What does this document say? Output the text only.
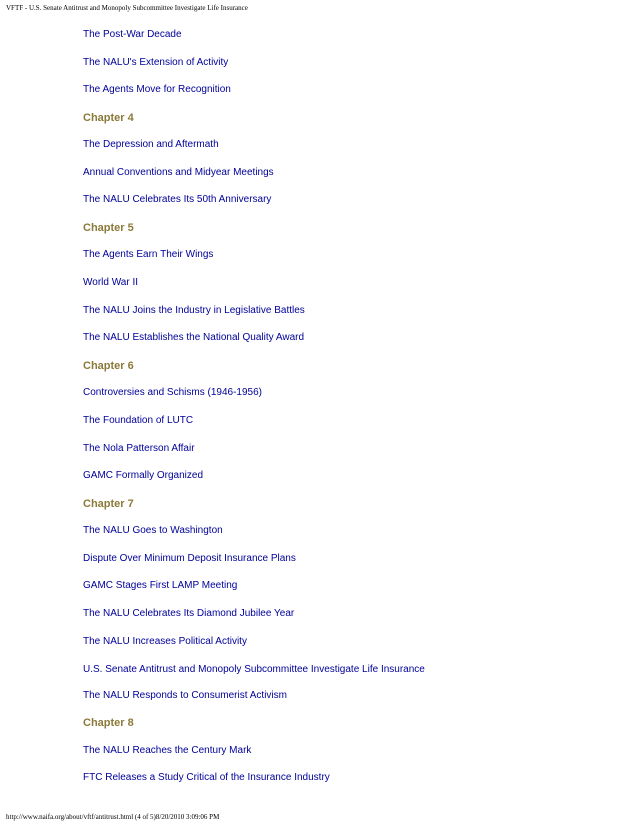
VFTF - U.S. Senate Antitrust and Monopoly Subcommittee Investigate Life Insurance
The Post-War Decade
The NALU's Extension of Activity
The Agents Move for Recognition
Chapter 4
The Depression and Aftermath
Annual Conventions and Midyear Meetings
The NALU Celebrates Its 50th Anniversary
Chapter 5
The Agents Earn Their Wings
World War II
The NALU Joins the Industry in Legislative Battles
The NALU Establishes the National Quality Award
Chapter 6
Controversies and Schisms (1946-1956)
The Foundation of LUTC
The Nola Patterson Affair
GAMC Formally Organized
Chapter 7
The NALU Goes to Washington
Dispute Over Minimum Deposit Insurance Plans
GAMC Stages First LAMP Meeting
The NALU Celebrates Its Diamond Jubilee Year
The NALU Increases Political Activity
U.S. Senate Antitrust and Monopoly Subcommittee Investigate Life Insurance
The NALU Responds to Consumerist Activism
Chapter 8
The NALU Reaches the Century Mark
FTC Releases a Study Critical of the Insurance Industry
http://www.naifa.org/about/vftf/antitrust.html (4 of 5)8/20/2010 3:09:06 PM
